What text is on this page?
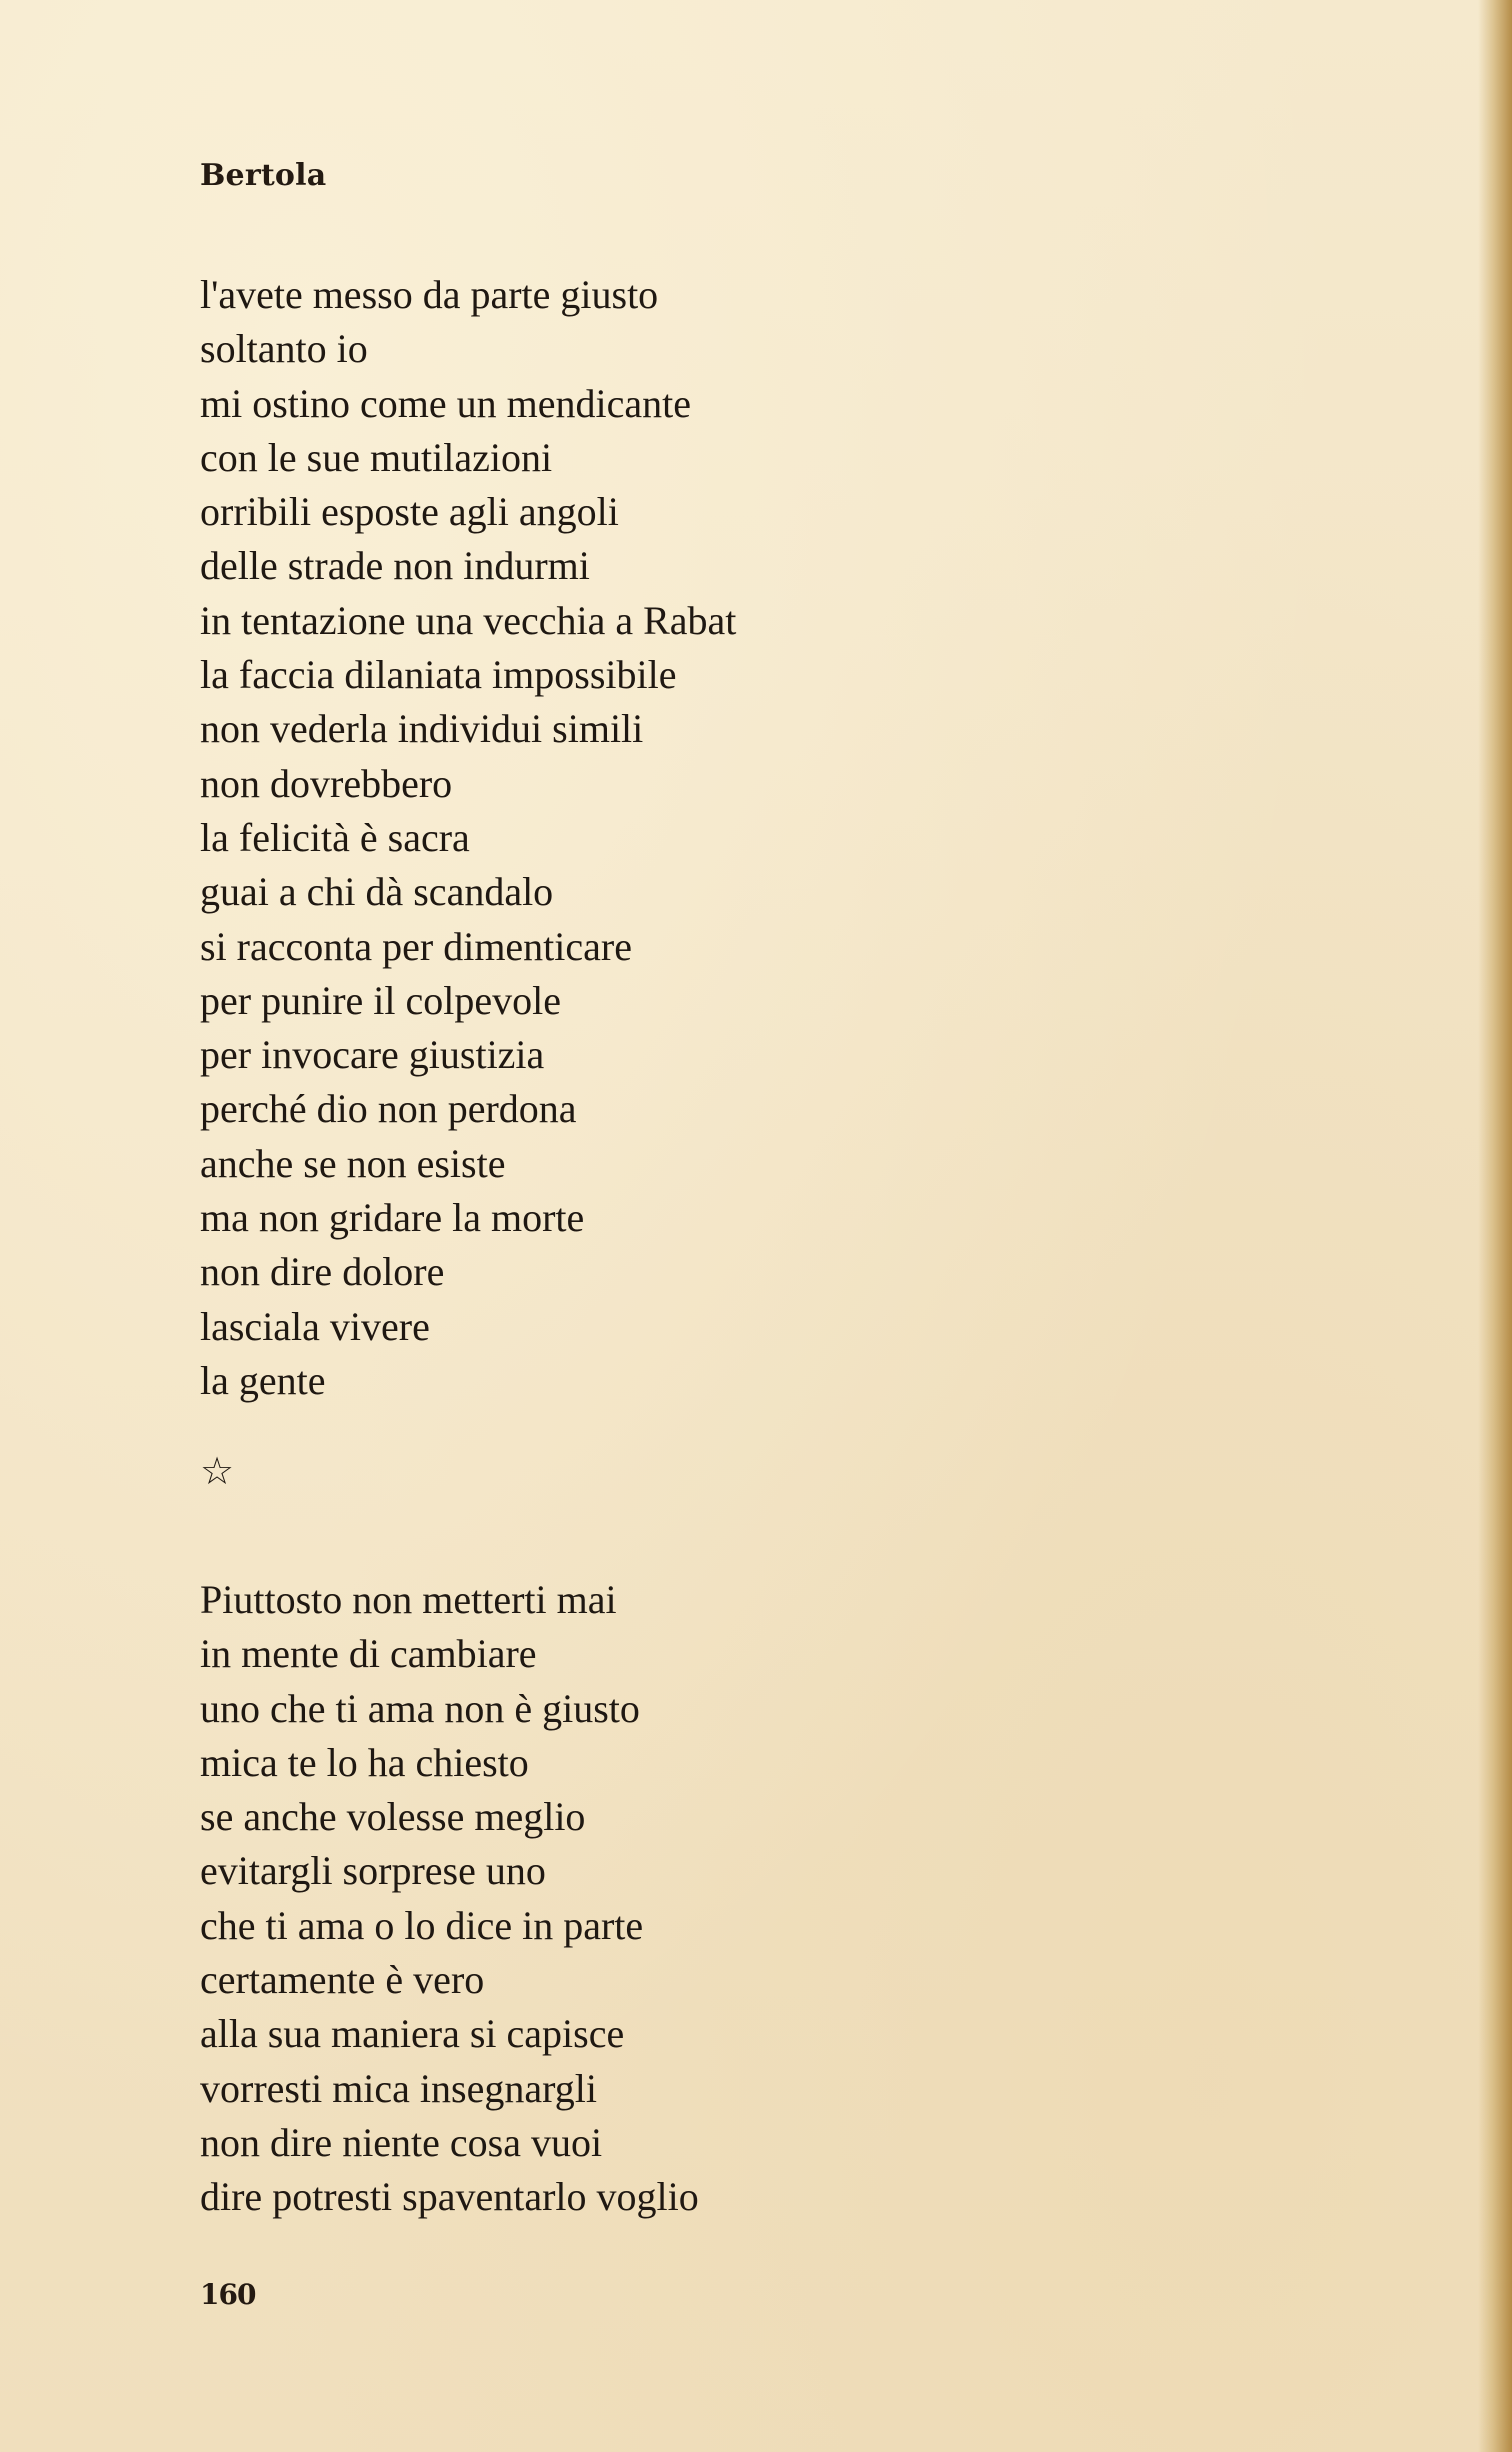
Bertola
l'avete messo da parte giusto
soltanto io
mi ostino come un mendicante
con le sue mutilazioni
orribili esposte agli angoli
delle strade non indurmi
in tentazione una vecchia a Rabat
la faccia dilaniata impossibile
non vederla individui simili
non dovrebbero
la felicità è sacra
guai a chi dà scandalo
si racconta per dimenticare
per punire il colpevole
per invocare giustizia
perché dio non perdona
anche se non esiste
ma non gridare la morte
non dire dolore
lasciala vivere
la gente
☆
Piuttosto non metterti mai
in mente di cambiare
uno che ti ama non è giusto
mica te lo ha chiesto
se anche volesse meglio
evitargli sorprese uno
che ti ama o lo dice in parte
certamente è vero
alla sua maniera si capisce
vorresti mica insegnargli
non dire niente cosa vuoi
dire potresti spaventarlo voglio
160
